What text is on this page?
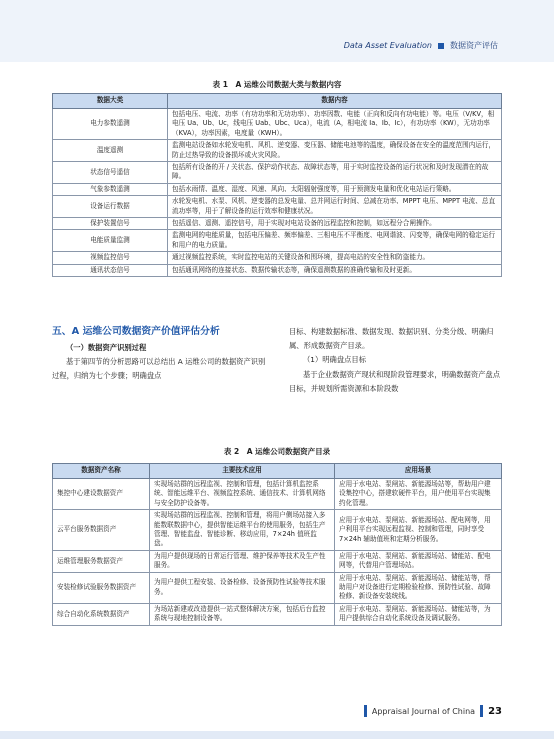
Data Asset Evaluation 数据资产评估
表 1　A 运维公司数据大类与数据内容
数据大类	数据内容
电力参数遥测	包括电压、电流、功率（有功功率和无功功率）、功率因数、电能（正向和反向有功电能）等。电压（V/KV，相电压 Ua、Ub、Uc，线电压 Uab、Ubc、Uca），电流（A，相电流 Ia、Ib、Ic），有功功率（KW），无功功率（KVA），功率因素，电度量（KWH）。
温度遥测	监测电站设备如水轮发电机、风机、逆变器、变压器、储能电池等的温度，确保设备在安全的温度范围内运行，防止过热导致的设备损坏或火灾风险。
状态信号遥信	包括所有设备的开 / 关状态、保护动作状态、故障状态等，用于实时监控设备的运行状况和及时发现潜在的故障。
气象参数遥测	包括水雨情、温度、湿度、风速、风向、太阳辐射强度等，用于预测发电量和优化电站运行策略。
设备运行数据	水轮发电机、水泵、风机、逆变器的总发电量、总并网运行时间、总减在功率、MPPT 电压、MPPT 电流、总直流功率等，用于了解设备的运行效率和健康状况。
保护装置信号	包括遥信、遥测、遥控信号，用于实现对电站设备的远程监控和控制，如远程分合闸操作。
电能质量监测	监测电网的电能质量，包括电压偏差、频率偏差、三相电压不平衡度、电网谐波、闪变等，确保电网的稳定运行和用户的电力质量。
视频监控信号	通过视频监控系统，实时监控电站的关键设备和围环境，提高电站的安全性和防盗能力。
通讯状态信号	包括通讯网络的连接状态、数据传输状态等，确保遥测数据的准确传输和及时更新。
五、A 运维公司数据资产价值评估分析
（一）数据资产识别过程
基于第四节的分析思路可以总结出 A 运维公司的数据资产识别过程，归纳为七个步骤；明确盘点
目标、构建数据标准、数据发现、数据识别、分类分级、明确归属、形成数据资产目录。
（1）明确盘点目标
基于企业数据资产现状和现阶段管理要求，明确数据资产盘点目标，并规划所需资源和本阶段数
表 2　A 运维公司数据资产目录
数据资产名称	主要技术应用	应用场景
集控中心建设数据资产	实现场站群的远程监视、控制和管理，包括计算机监控系统、智能远维平台、视频监控系统、通信技术、计算机网络与安全防护设备等。	应用于水电站、泵闸站、新能源场站等，帮助用户建设集控中心，搭建软硬件平台，用户使用平台实现集约化管理。
云平台服务数据资产	实现场站群的远程监视、控制和管理，将用户侧场站接入多能数联数据中心，提供智能运维平台的使用服务，包括生产管理、智能监盘、智能诊断、移动应用，7×24h 值班监盘。	应用于水电站、泵闸站、新能源场站、配电网等，用户利用平台实现远程监视、控制和管理，同时享受 7×24h 辅助值班和定期分析服务。
运维管理服务数据资产	为用户提供现场的日常运行管理、维护保养等技术及生产性服务。	应用于水电站、泵闸站、新能源场站、储能站、配电网等，代替用户管理场站。
安装检修试验服务数据资产	为用户提供工程安装、设备检修、设备预防性试验等技术服务。	应用于水电站、泵闸站、新能源场站、储能站等，帮助用户对设备进行定期检验检修、预防性试验、故障检修、新设备安装统线。
综合自动化系统数据资产	为场站新建或改造提供一站式整体解决方案，包括后台监控系统与现地控制设备等。	应用于水电站、泵闸站、新能源场站、储能站等，为用户提供综合自动化系统设备及调试服务。
Appraisal Journal of China 23
